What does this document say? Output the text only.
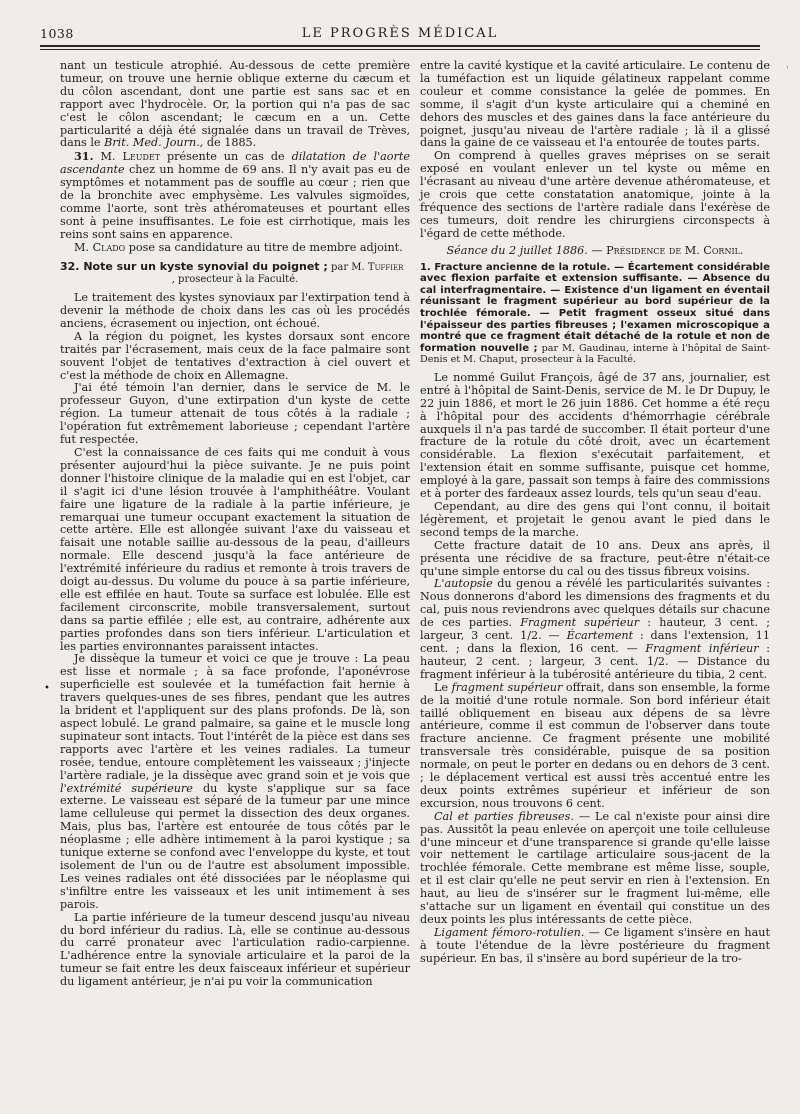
1038	LE PROGRÈS MÉDICAL
•
'

nant un testicule atrophié. Au-dessous de cette première tumeur, on trouve une hernie oblique externe du cæcum et du côlon ascendant, dont une partie est sans sac et en rapport avec l'hydrocèle. Or, la portion qui n'a pas de sac c'est le côlon ascendant; le cæcum en a un. Cette particularité a déjà été signalée dans un travail de Trèves, dans le Brit. Med. Journ., de 1885.

31. M. Leudet présente un cas de dilatation de l'aorte ascendante chez un homme de 69 ans. Il n'y avait pas eu de symptômes et notamment pas de souffle au cœur ; rien que de la bronchite avec emphysème. Les valvules sigmoïdes, comme l'aorte, sont très athéromateuses et pourtant elles sont à peine insuffisantes. Le foie est cirrhotique, mais les reins sont sains en apparence.

M. Clado pose sa candidature au titre de membre adjoint.

32. Note sur un kyste synovial du poignet ; par M. Tuffier
, prosecteur à la Faculté.

Le traitement des kystes synoviaux par l'extirpation tend à devenir la méthode de choix dans les cas où les procédés anciens, écrasement ou injection, ont échoué.

A la région du poignet, les kystes dorsaux sont encore traités par l'écrasement, mais ceux de la face palmaire sont souvent l'objet de tentatives d'extraction à ciel ouvert et c'est la méthode de choix en Allemagne.

J'ai été témoin l'an dernier, dans le service de M. le professeur Guyon, d'une extirpation d'un kyste de cette région. La tumeur attenait de tous côtés à la radiale ; l'opération fut extrêmement laborieuse ; cependant l'artère fut respectée.

C'est la connaissance de ces faits qui me conduit à vous présenter aujourd'hui la pièce suivante. Je ne puis point donner l'histoire clinique de la maladie qui en est l'objet, car il s'agit ici d'une lésion trouvée à l'amphithéâtre. Voulant faire une ligature de la radiale à la partie inférieure, je remarquai une tumeur occupant exactement la situation de cette artère. Elle est allongée suivant l'axe du vaisseau et faisait une notable saillie au-dessous de la peau, d'ailleurs normale. Elle descend jusqu'à la face antérieure de l'extrémité inférieure du radius et remonte à trois travers de doigt au-dessus. Du volume du pouce à sa partie inférieure, elle est effilée en haut. Toute sa surface est lobulée. Elle est facilement circonscrite, mobile transversalement, surtout dans sa partie effilée ; elle est, au contraire, adhérente aux parties profondes dans son tiers inférieur. L'articulation et les parties environnantes paraissent intactes.

Je dissèque la tumeur et voici ce que je trouve : La peau est lisse et normale ; à sa face profonde, l'aponévrose superficielle est soulevée et la tuméfaction fait hernie à travers quelques-unes de ses fibres, pendant que les autres la brident et l'appliquent sur des plans profonds. De là, son aspect lobulé. Le grand palmaire, sa gaine et le muscle long supinateur sont intacts. Tout l'intérêt de la pièce est dans ses rapports avec l'artère et les veines radiales. La tumeur rosée, tendue, entoure complètement les vaisseaux ; j'injecte l'artère radiale, je la dissèque avec grand soin et je vois que l'extrémité supérieure du kyste s'applique sur sa face externe. Le vaisseau est séparé de la tumeur par une mince lame celluleuse qui permet la dissection des deux organes. Mais, plus bas, l'artère est entourée de tous côtés par le néoplasme ; elle adhère intimement à la paroi kystique ; sa tunique externe se confond avec l'enveloppe du kyste, et tout isolement de l'un ou de l'autre est absolument impossible. Les veines radiales ont été dissociées par le néoplasme qui s'infiltre entre les vaisseaux et les unit intimement à ses parois.

La partie inférieure de la tumeur descend jusqu'au niveau du bord inférieur du radius. Là, elle se continue au-dessous du carré pronateur avec l'articulation radio-carpienne. L'adhérence entre la synoviale articulaire et la paroi de la tumeur se fait entre les deux faisceaux inférieur et supérieur du ligament antérieur, je n'ai pu voir la communication

entre la cavité kystique et la cavité articulaire. Le contenu de la tuméfaction est un liquide gélatineux rappelant comme couleur et comme consistance la gelée de pommes. En somme, il s'agit d'un kyste articulaire qui a cheminé en dehors des muscles et des gaines dans la face antérieure du poignet, jusqu'au niveau de l'artère radiale ; là il a glissé dans la gaine de ce vaisseau et l'a entourée de toutes parts.

On comprend à quelles graves méprises on se serait exposé en voulant enlever un tel kyste ou même en l'écrasant au niveau d'une artère devenue athéromateuse, et je crois que cette constatation anatomique, jointe à la fréquence des sections de l'artère radiale dans l'exérèse de ces tumeurs, doit rendre les chirurgiens circonspects à l'égard de cette méthode.

Séance du 2 juillet 1886. — Présidence de M. Cornil.

1. Fracture ancienne de la rotule. — Écartement considérable avec flexion parfaite et extension suffisante. — Absence du cal interfragmentaire. — Existence d'un ligament en éventail réunissant le fragment supérieur au bord supérieur de la trochlée fémorale. — Petit fragment osseux situé dans l'épaisseur des parties fibreuses ; l'examen microscopique a montré que ce fragment était détaché de la rotule et non de formation nouvelle ; par M. Gaudinau, interne à l'hôpital de Saint-Denis et M. Chaput, prosecteur à la Faculté.

Le nommé Guilut François, âgé de 37 ans, journalier, est entré à l'hôpital de Saint-Denis, service de M. le Dr Dupuy, le 22 juin 1886, et mort le 26 juin 1886. Cet homme a été reçu à l'hôpital pour des accidents d'hémorrhagie cérébrale auxquels il n'a pas tardé de succomber. Il était porteur d'une fracture de la rotule du côté droit, avec un écartement considérable. La flexion s'exécutait parfaitement, et l'extension était en somme suffisante, puisque cet homme, employé à la gare, passait son temps à faire des commissions et à porter des fardeaux assez lourds, tels qu'un seau d'eau.

Cependant, au dire des gens qui l'ont connu, il boitait légèrement, et projetait le genou avant le pied dans le second temps de la marche.

Cette fracture datait de 10 ans. Deux ans après, il présenta une récidive de sa fracture, peut-être n'était-ce qu'une simple entorse du cal ou des tissus fibreux voisins.

L'autopsie du genou a révélé les particularités suivantes : Nous donnerons d'abord les dimensions des fragments et du cal, puis nous reviendrons avec quelques détails sur chacune de ces parties. Fragment supérieur : hauteur, 3 cent. ; largeur, 3 cent. 1/2. — Écartement : dans l'extension, 11 cent. ; dans la flexion, 16 cent. — Fragment inférieur : hauteur, 2 cent. ; largeur, 3 cent. 1/2. — Distance du fragment inférieur à la tubérosité antérieure du tibia, 2 cent.

Le fragment supérieur offrait, dans son ensemble, la forme de la moitié d'une rotule normale. Son bord inférieur était taillé obliquement en biseau aux dépens de sa lèvre antérieure, comme il est commun de l'observer dans toute fracture ancienne. Ce fragment présente une mobilité transversale très considérable, puisque de sa position normale, on peut le porter en dedans ou en dehors de 3 cent. ; le déplacement vertical est aussi très accentué entre les deux points extrêmes supérieur et inférieur de son excursion, nous trouvons 6 cent.

Cal et parties fibreuses. — Le cal n'existe pour ainsi dire pas. Aussitôt la peau enlevée on aperçoit une toile celluleuse d'une minceur et d'une transparence si grande qu'elle laisse voir nettement le cartilage articulaire sous-jacent de la trochlée fémorale. Cette membrane est même lisse, souple, et il est clair qu'elle ne peut servir en rien à l'extension. En haut, au lieu de s'insérer sur le fragment lui-même, elle s'attache sur un ligament en éventail qui constitue un des deux points les plus intéressants de cette pièce.

Ligament fémoro-rotulien. — Ce ligament s'insère en haut à toute l'étendue de la lèvre postérieure du fragment supérieur. En bas, il s'insère au bord supérieur de la tro-
